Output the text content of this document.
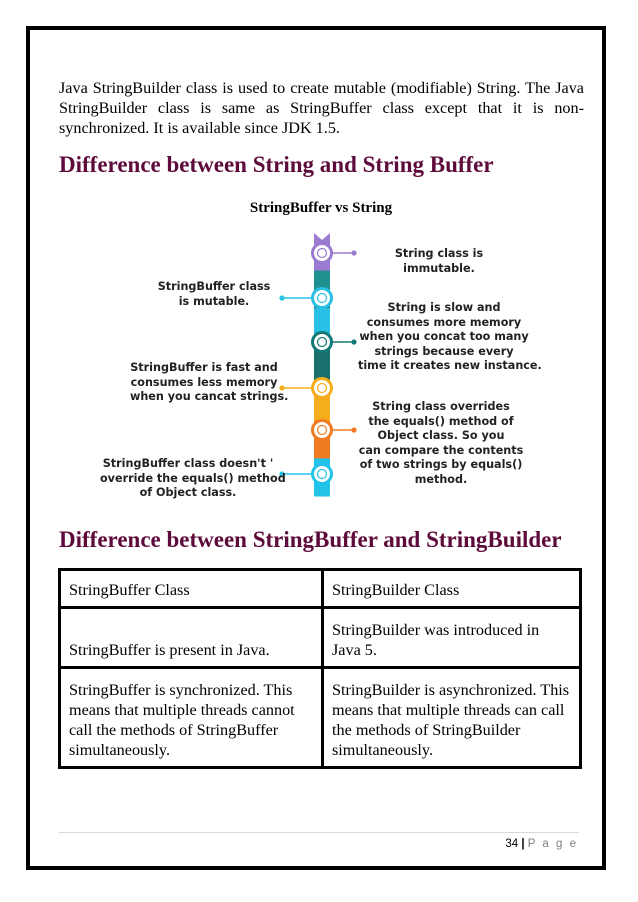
Java StringBuilder class is used to create mutable (modifiable) String. The Java StringBuilder class is same as StringBuffer class except that it is non-synchronized. It is available since JDK 1.5.

Difference between String and String Buffer

StringBuffer vs String

String class is
immutable.

String is slow and
consumes more memory
when you concat too many
strings because every
time it creates new instance.

String class overrides
the equals() method of
Object class. So you
can compare the contents
of two strings by equals()
method.

StringBuffer class
is mutable.

StringBuffer is fast and
consumes less memory
when you cancat strings.

StringBuffer class doesn't '
override the equals() method
of Object class.

Difference between StringBuffer and StringBuilder
StringBuffer Class	StringBuilder Class
StringBuffer is present in Java.	StringBuilder was introduced in Java 5.
StringBuffer is synchronized. This means that multiple threads cannot call the methods of StringBuffer simultaneously.	StringBuilder is asynchronized. This means that multiple threads can call the methods of StringBuilder simultaneously.

34 | P a g e
